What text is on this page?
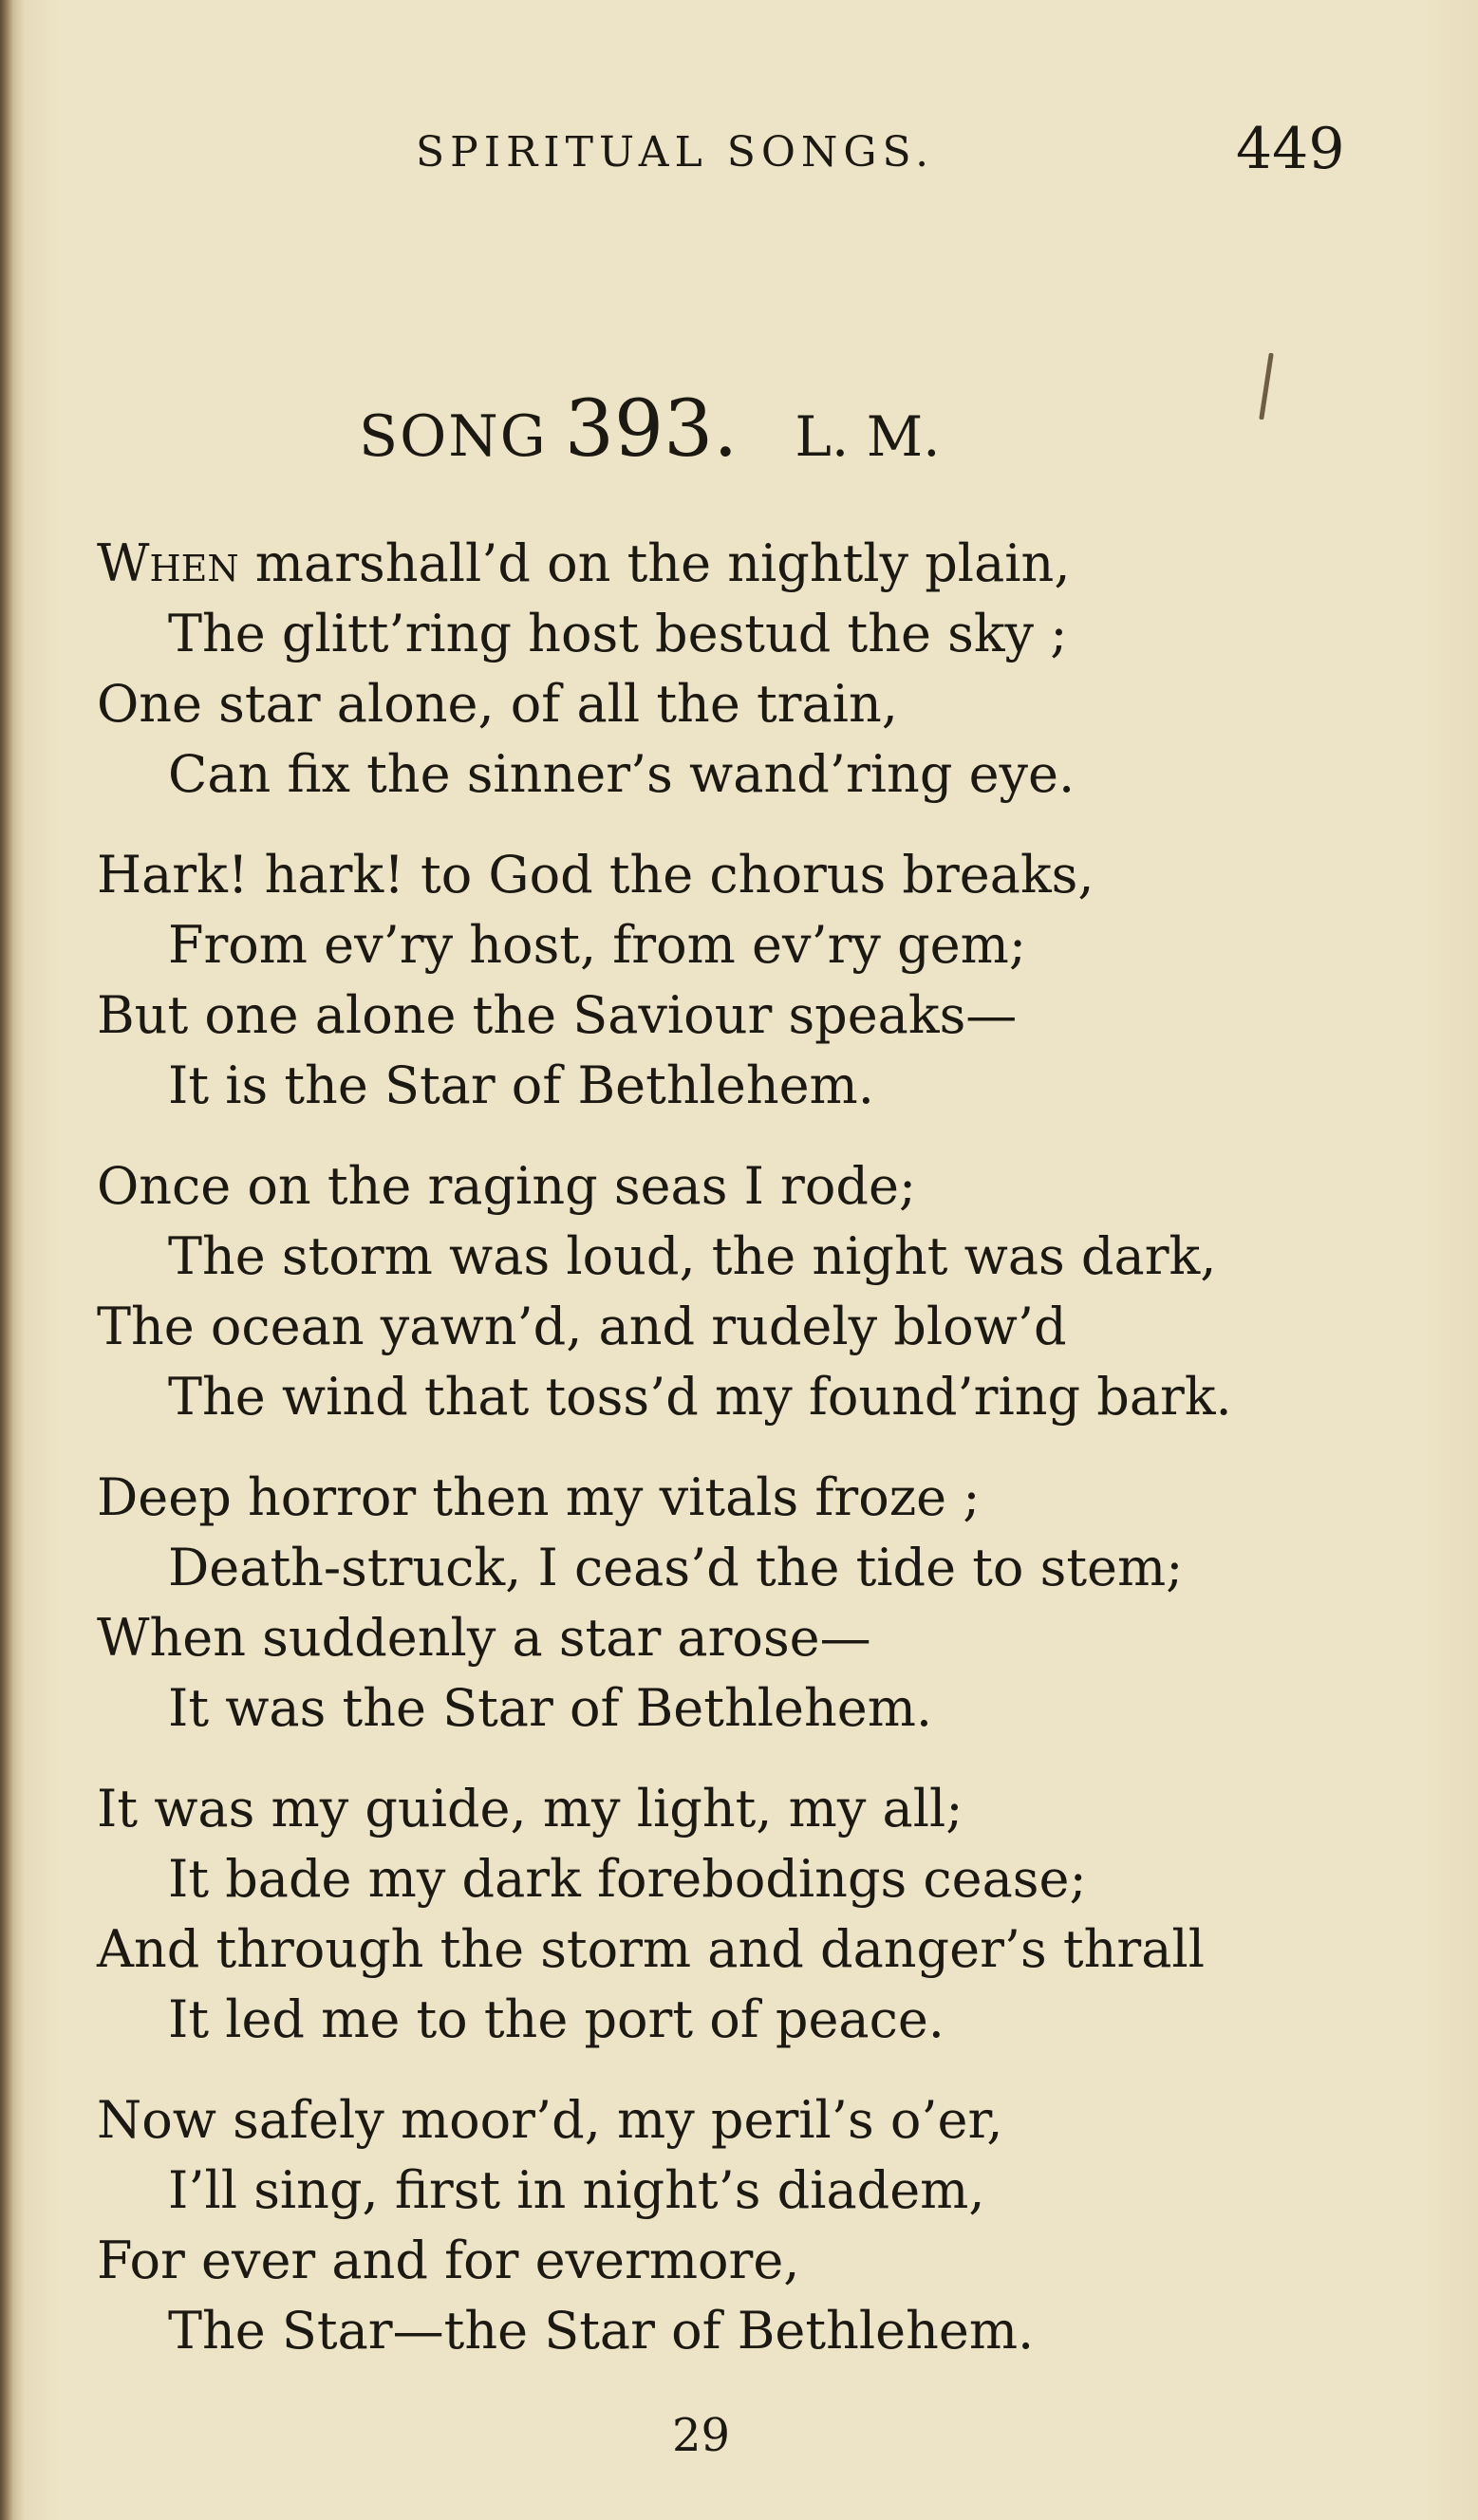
SPIRITUAL SONGS.	449
SONG 393. L. M.
When marshall’d on the nightly plain,
The glitt’ring host bestud the sky ;
One star alone, of all the train,
Can fix the sinner’s wand’ring eye.
Hark! hark! to God the chorus breaks,
From ev’ry host, from ev’ry gem;
But one alone the Saviour speaks—
It is the Star of Bethlehem.
Once on the raging seas I rode;
The storm was loud, the night was dark,
The ocean yawn’d, and rudely blow’d
The wind that toss’d my found’ring bark.
Deep horror then my vitals froze ;
Death-struck, I ceas’d the tide to stem;
When suddenly a star arose—
It was the Star of Bethlehem.
It was my guide, my light, my all;
It bade my dark forebodings cease;
And through the storm and danger’s thrall
It led me to the port of peace.
Now safely moor’d, my peril’s o’er,
I’ll sing, first in night’s diadem,
For ever and for evermore,
The Star—the Star of Bethlehem.
29
